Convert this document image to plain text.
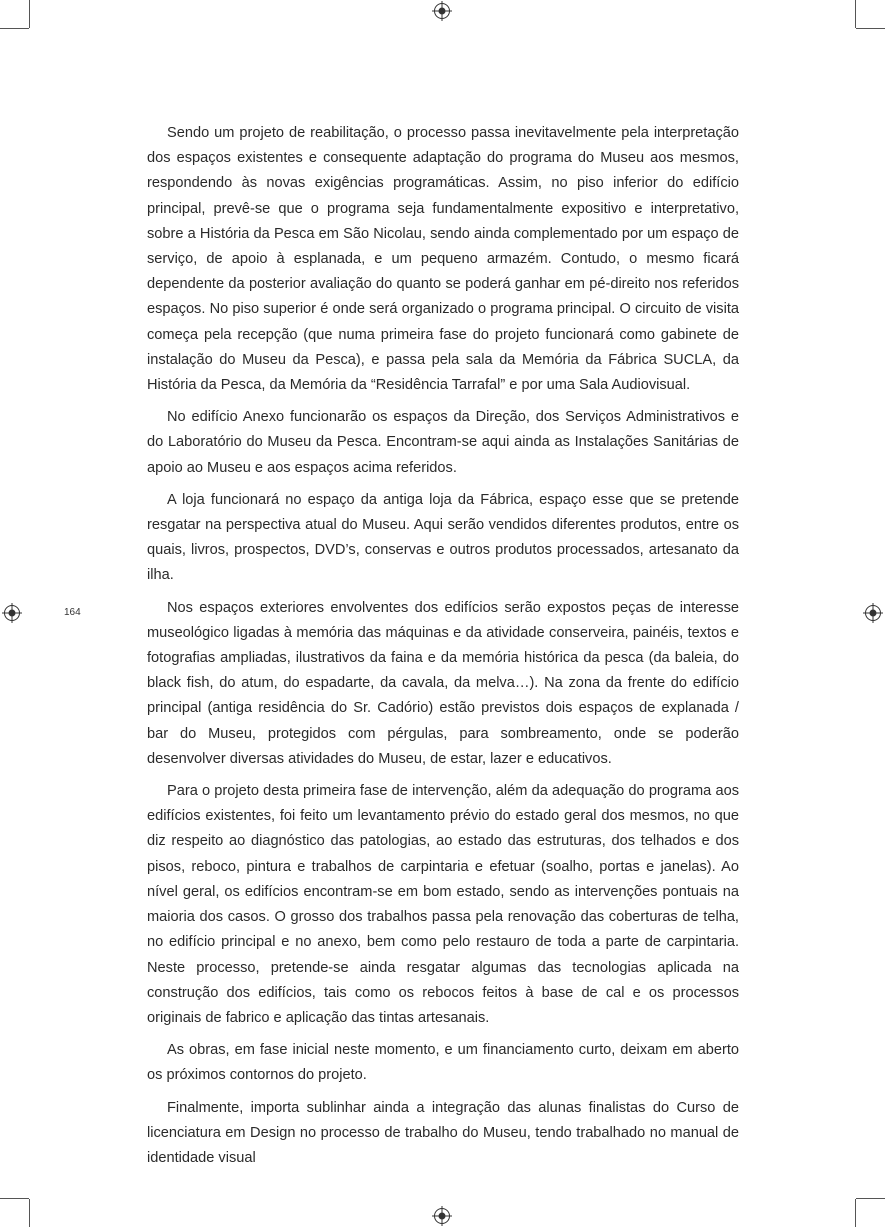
164

Sendo um projeto de reabilitação, o processo passa inevitavelmente pela interpretação dos espaços existentes e consequente adaptação do programa do Museu aos mesmos, respondendo às novas exigências programáticas. Assim, no piso inferior do edifício principal, prevê-se que o programa seja fundamentalmente expositivo e interpretativo, sobre a História da Pesca em São Nicolau, sendo ainda complementado por um espaço de serviço, de apoio à esplanada, e um pequeno armazém. Contudo, o mesmo ficará dependente da posterior avaliação do quanto se poderá ganhar em pé-direito nos referidos espaços. No piso superior é onde será organizado o programa principal. O circuito de visita começa pela recepção (que numa primeira fase do projeto funcionará como gabinete de instalação do Museu da Pesca), e passa pela sala da Memória da Fábrica SUCLA, da História da Pesca, da Memória da “Residência Tarrafal” e por uma Sala Audiovisual.

No edifício Anexo funcionarão os espaços da Direção, dos Serviços Administrativos e do Laboratório do Museu da Pesca. Encontram-se aqui ainda as Instalações Sanitárias de apoio ao Museu e aos espaços acima referidos.

A loja funcionará no espaço da antiga loja da Fábrica, espaço esse que se pretende resgatar na perspectiva atual do Museu. Aqui serão vendidos diferentes produtos, entre os quais, livros, prospectos, DVD’s, conservas e outros produtos processados, artesanato da ilha.

Nos espaços exteriores envolventes dos edifícios serão expostos peças de interesse museológico ligadas à memória das máquinas e da atividade conserveira, painéis, textos e fotografias ampliadas, ilustrativos da faina e da memória histórica da pesca (da baleia, do black fish, do atum, do espadarte, da cavala, da melva…). Na zona da frente do edifício principal (antiga residência do Sr. Cadório) estão previstos dois espaços de explanada / bar do Museu, protegidos com pérgulas, para sombreamento, onde se poderão desenvolver diversas atividades do Museu, de estar, lazer e educativos.

Para o projeto desta primeira fase de intervenção, além da adequação do programa aos edifícios existentes, foi feito um levantamento prévio do estado geral dos mesmos, no que diz respeito ao diagnóstico das patologias, ao estado das estruturas, dos telhados e dos pisos, reboco, pintura e trabalhos de carpintaria e efetuar (soalho, portas e janelas). Ao nível geral, os edifícios encontram-se em bom estado, sendo as intervenções pontuais na maioria dos casos. O grosso dos trabalhos passa pela renovação das coberturas de telha, no edifício principal e no anexo, bem como pelo restauro de toda a parte de carpintaria. Neste processo, pretende-se ainda resgatar algumas das tecnologias aplicada na construção dos edifícios, tais como os rebocos feitos à base de cal e os processos originais de fabrico e aplicação das tintas artesanais.

As obras, em fase inicial neste momento, e um financiamento curto, deixam em aberto os próximos contornos do projeto.

Finalmente, importa sublinhar ainda a integração das alunas finalistas do Curso de licenciatura em Design no processo de trabalho do Museu, tendo trabalhado no manual de identidade visual
